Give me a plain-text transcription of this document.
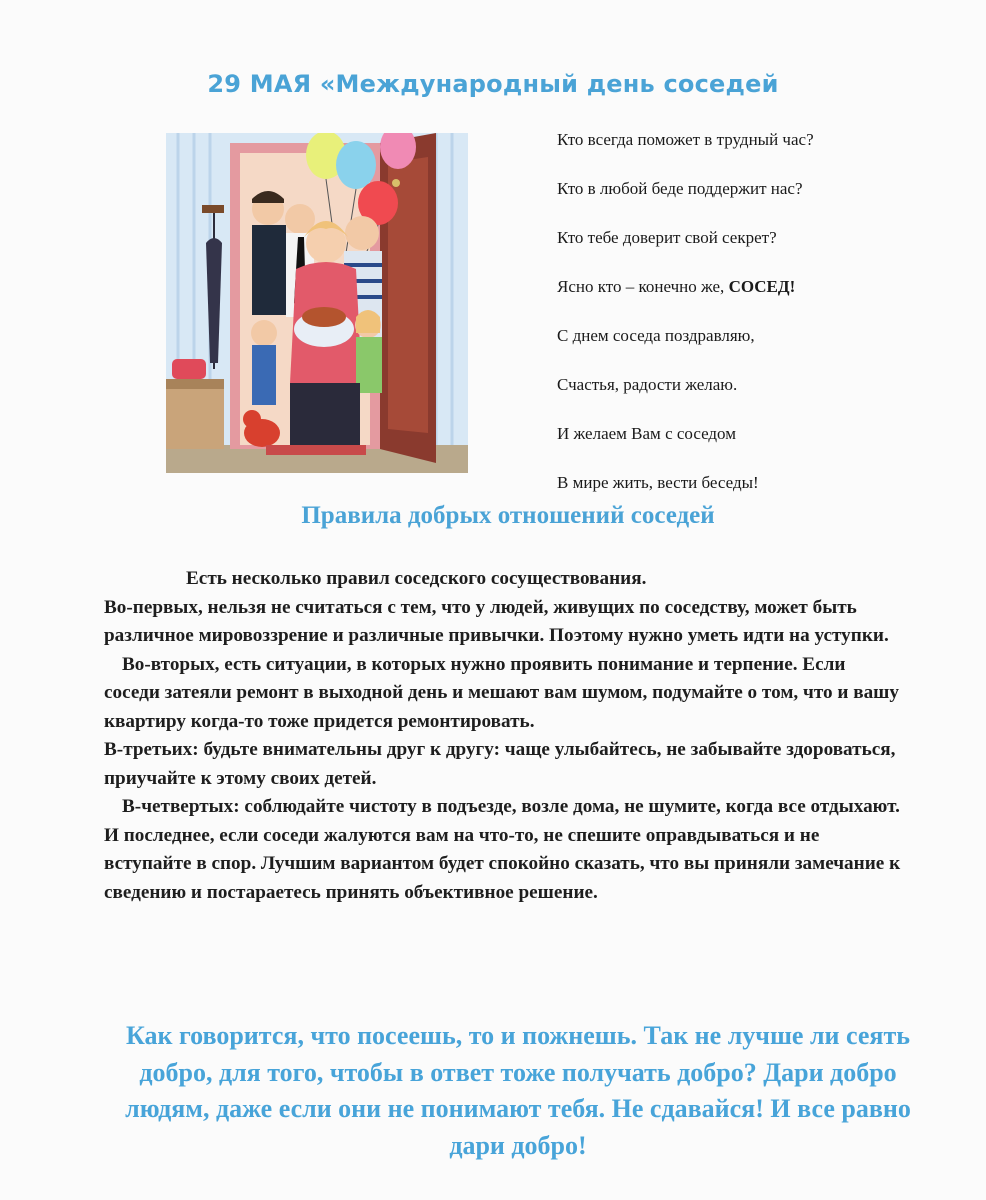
29 МАЯ «Международный день соседей
Кто всегда поможет в трудный час?
Кто в любой беде поддержит нас?
Кто тебе доверит свой секрет?
Ясно кто – конечно же, СОСЕД!
С днем соседа поздравляю,
Счастья, радости желаю.
И желаем Вам с соседом
В мире жить, вести беседы!
Правила добрых отношений соседей

Есть несколько правил соседского сосуществования.

Во-первых, нельзя не считаться с тем, что у людей, живущих по соседству, может быть различное мировоззрение и различные привычки. Поэтому нужно уметь идти на уступки.

Во-вторых, есть ситуации, в которых нужно проявить понимание и терпение. Если соседи затеяли ремонт в выходной день и мешают вам шумом, подумайте о том, что и вашу квартиру когда-то тоже придется ремонтировать.

В-третьих: будьте внимательны друг к другу: чаще улыбайтесь, не забывайте здороваться, приучайте к этому своих детей.

В-четвертых: соблюдайте чистоту в подъезде, возле дома, не шумите, когда все отдыхают. И последнее, если соседи жалуются вам на что-то, не спешите оправдываться и не вступайте в спор. Лучшим вариантом будет спокойно сказать, что вы приняли замечание к сведению и постараетесь принять объективное решение.

Как говорится, что посеешь, то и пожнешь. Так не лучше ли сеять добро, для того, чтобы в ответ тоже получать добро? Дари добро людям, даже если они не понимают тебя. Не сдавайся! И все равно дари добро!
